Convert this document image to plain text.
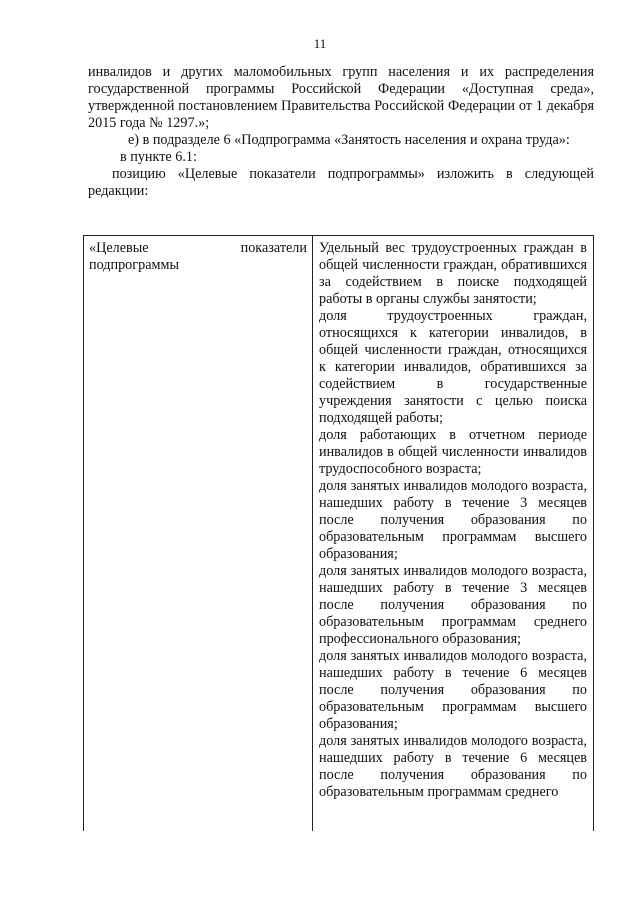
11

инвалидов и других маломобильных групп населения и их распределения государственной программы Российской Федерации «Доступная среда», утвержденной постановлением Правительства Российской Федерации от 1 декабря 2015 года № 1297.»;

е) в подразделе 6 «Подпрограмма «Занятость населения и охрана труда»:

в пункте 6.1:

позицию «Целевые показатели подпрограммы» изложить в следующей редакции:

«Целевые показатели подпрограммы

Удельный вес трудоустроенных граждан в общей численности граждан, обратившихся за содействием в поиске подходящей работы в органы службы занятости;

доля трудоустроенных граждан, относящихся к категории инвалидов, в общей численности граждан, относящихся к категории инвалидов, обратившихся за содействием в государственные учреждения занятости с целью поиска подходящей работы;

доля работающих в отчетном периоде инвалидов в общей численности инвалидов трудоспособного возраста;

доля занятых инвалидов молодого возраста, нашедших работу в течение 3 месяцев после получения образования по образовательным программам высшего образования;

доля занятых инвалидов молодого возраста, нашедших работу в течение 3 месяцев после получения образования по образовательным программам среднего профессионального образования;

доля занятых инвалидов молодого возраста, нашедших работу в течение 6 месяцев после получения образования по образовательным программам высшего образования;

доля занятых инвалидов молодого возраста, нашедших работу в течение 6 месяцев после получения образования по образовательным программам среднего
